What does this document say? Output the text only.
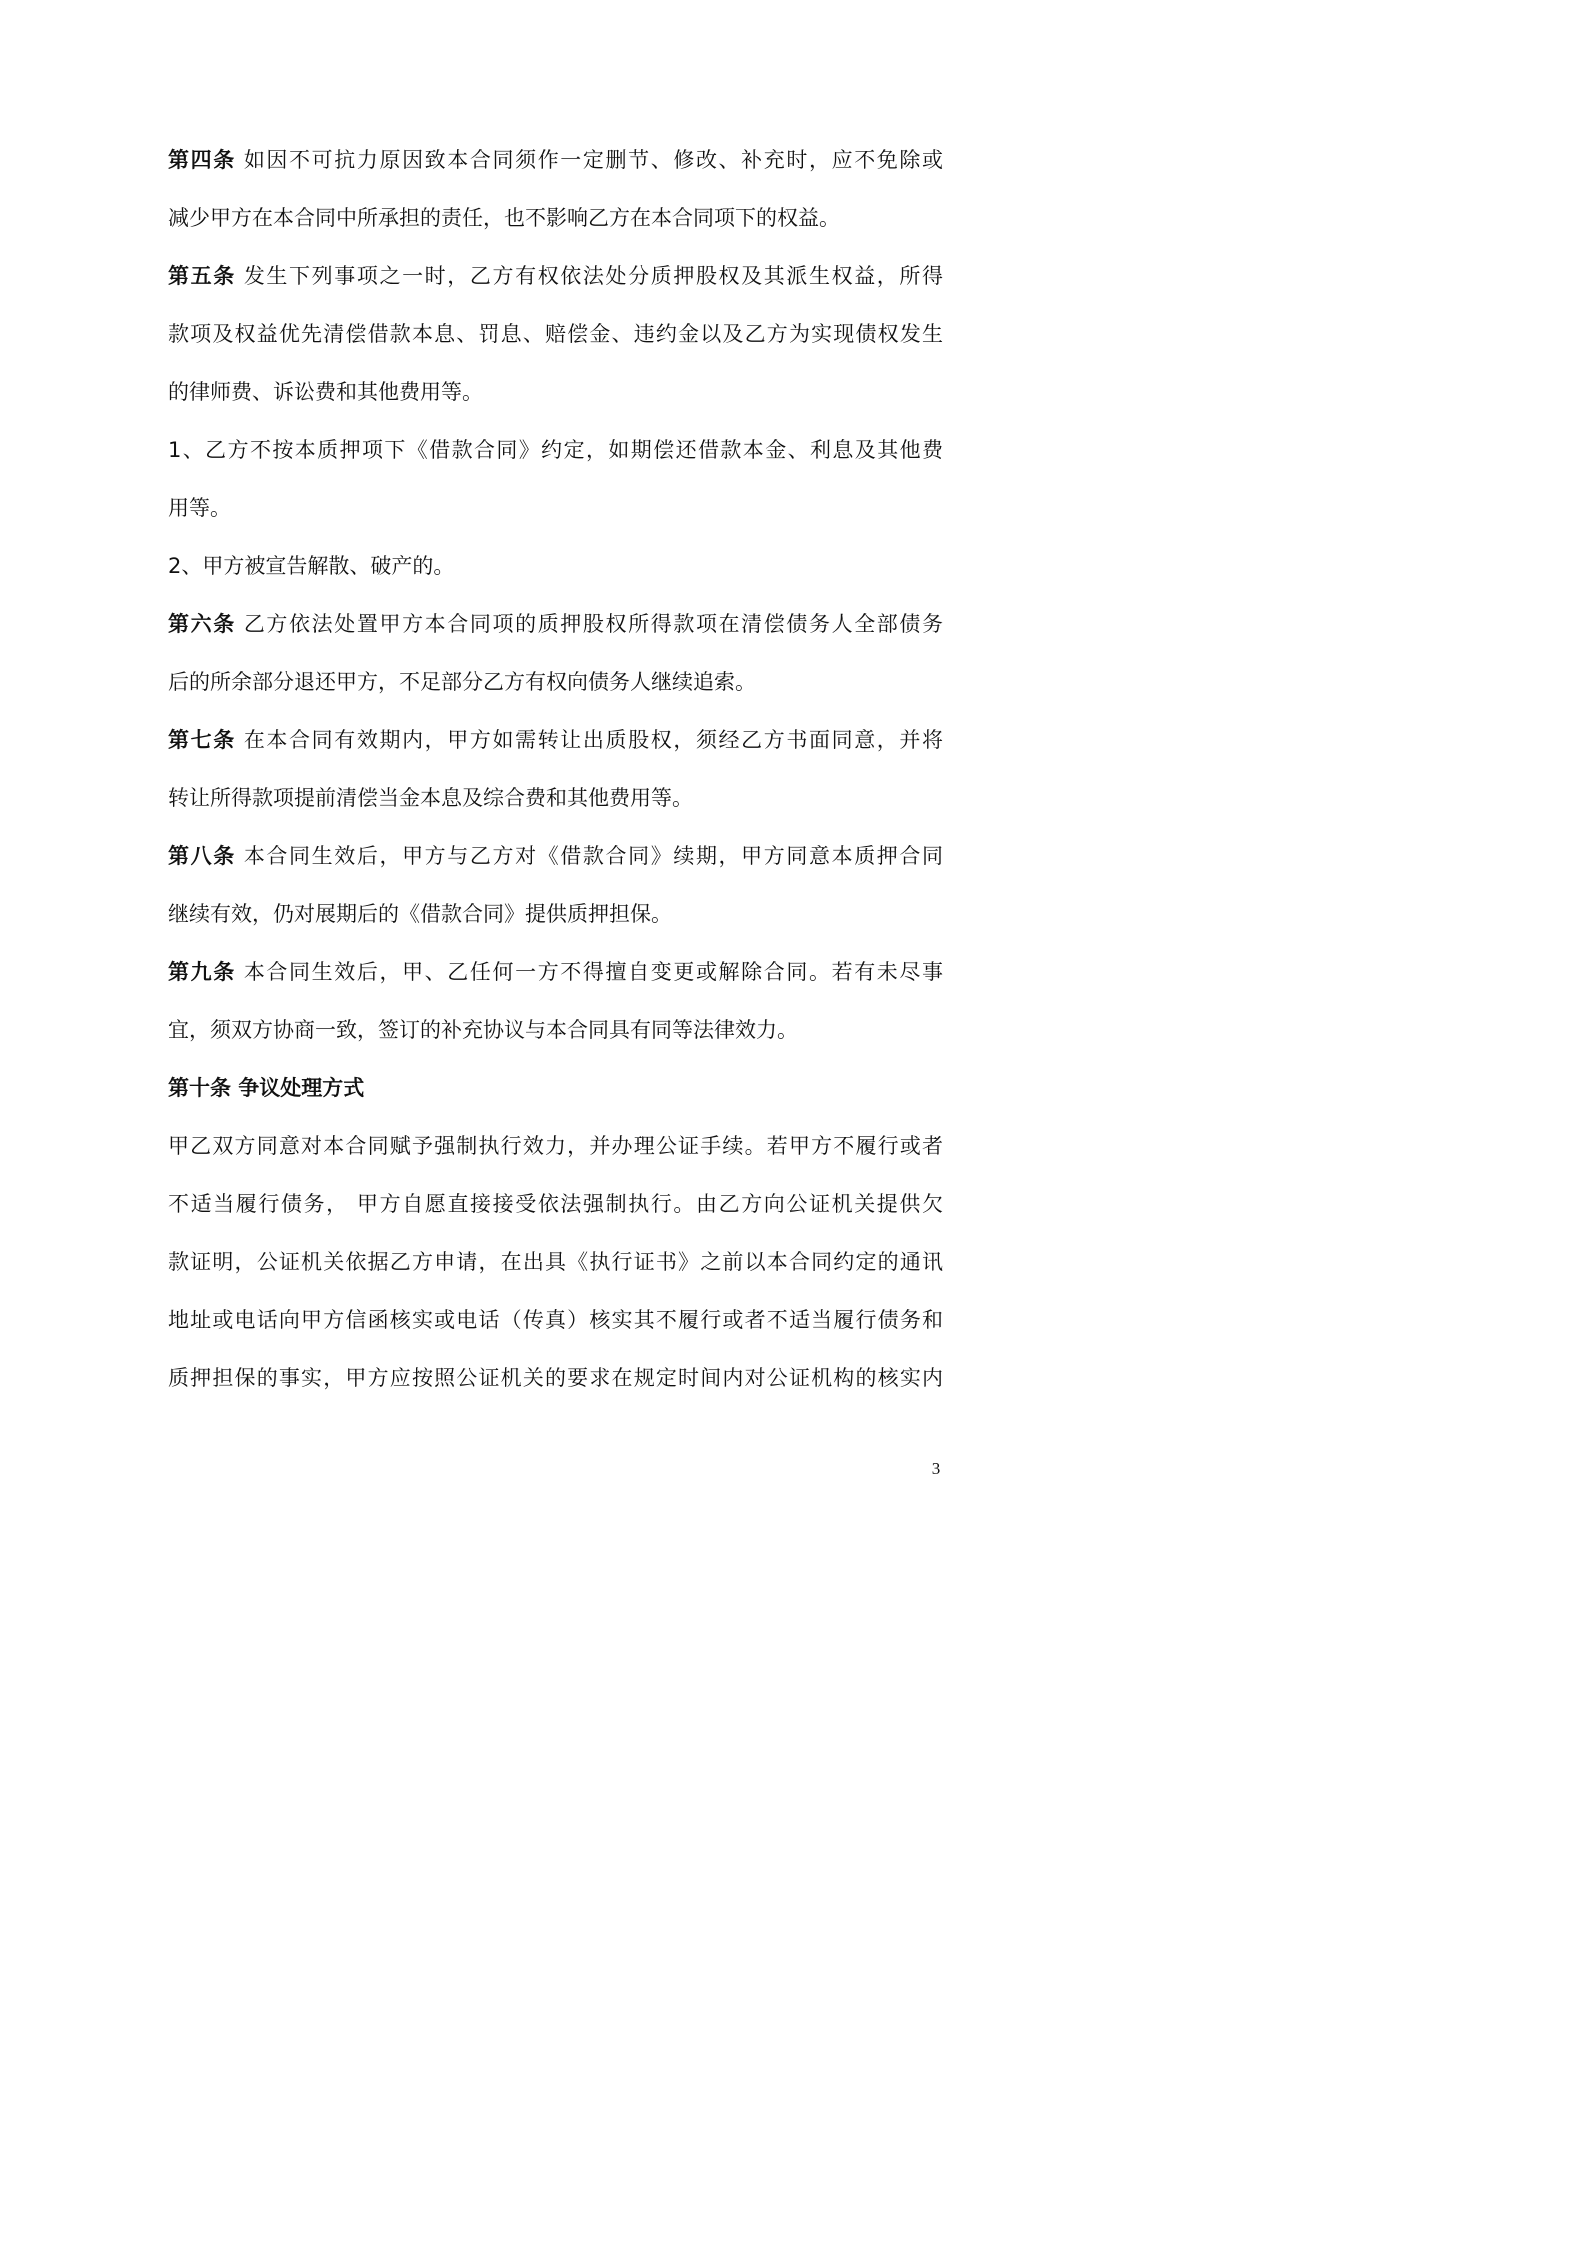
第四条 如因不可抗力原因致本合同须作一定删节、修改、补充时，应不免除或

减少甲方在本合同中所承担的责任，也不影响乙方在本合同项下的权益。

第五条 发生下列事项之一时，乙方有权依法处分质押股权及其派生权益，所得

款项及权益优先清偿借款本息、罚息、赔偿金、违约金以及乙方为实现债权发生

的律师费、诉讼费和其他费用等。

1、乙方不按本质押项下《借款合同》约定，如期偿还借款本金、利息及其他费

用等。

2、甲方被宣告解散、破产的。

第六条 乙方依法处置甲方本合同项的质押股权所得款项在清偿债务人全部债务

后的所余部分退还甲方，不足部分乙方有权向债务人继续追索。

第七条 在本合同有效期内，甲方如需转让出质股权，须经乙方书面同意，并将

转让所得款项提前清偿当金本息及综合费和其他费用等。

第八条 本合同生效后，甲方与乙方对《借款合同》续期，甲方同意本质押合同

继续有效，仍对展期后的《借款合同》提供质押担保。

第九条 本合同生效后，甲、乙任何一方不得擅自变更或解除合同。若有未尽事

宜，须双方协商一致，签订的补充协议与本合同具有同等法律效力。

第十条 争议处理方式

甲乙双方同意对本合同赋予强制执行效力，并办理公证手续。若甲方不履行或者

不适当履行债务， 甲方自愿直接接受依法强制执行。由乙方向公证机关提供欠

款证明，公证机关依据乙方申请，在出具《执行证书》之前以本合同约定的通讯

地址或电话向甲方信函核实或电话（传真）核实其不履行或者不适当履行债务和

质押担保的事实，甲方应按照公证机关的要求在规定时间内对公证机构的核实内

3
